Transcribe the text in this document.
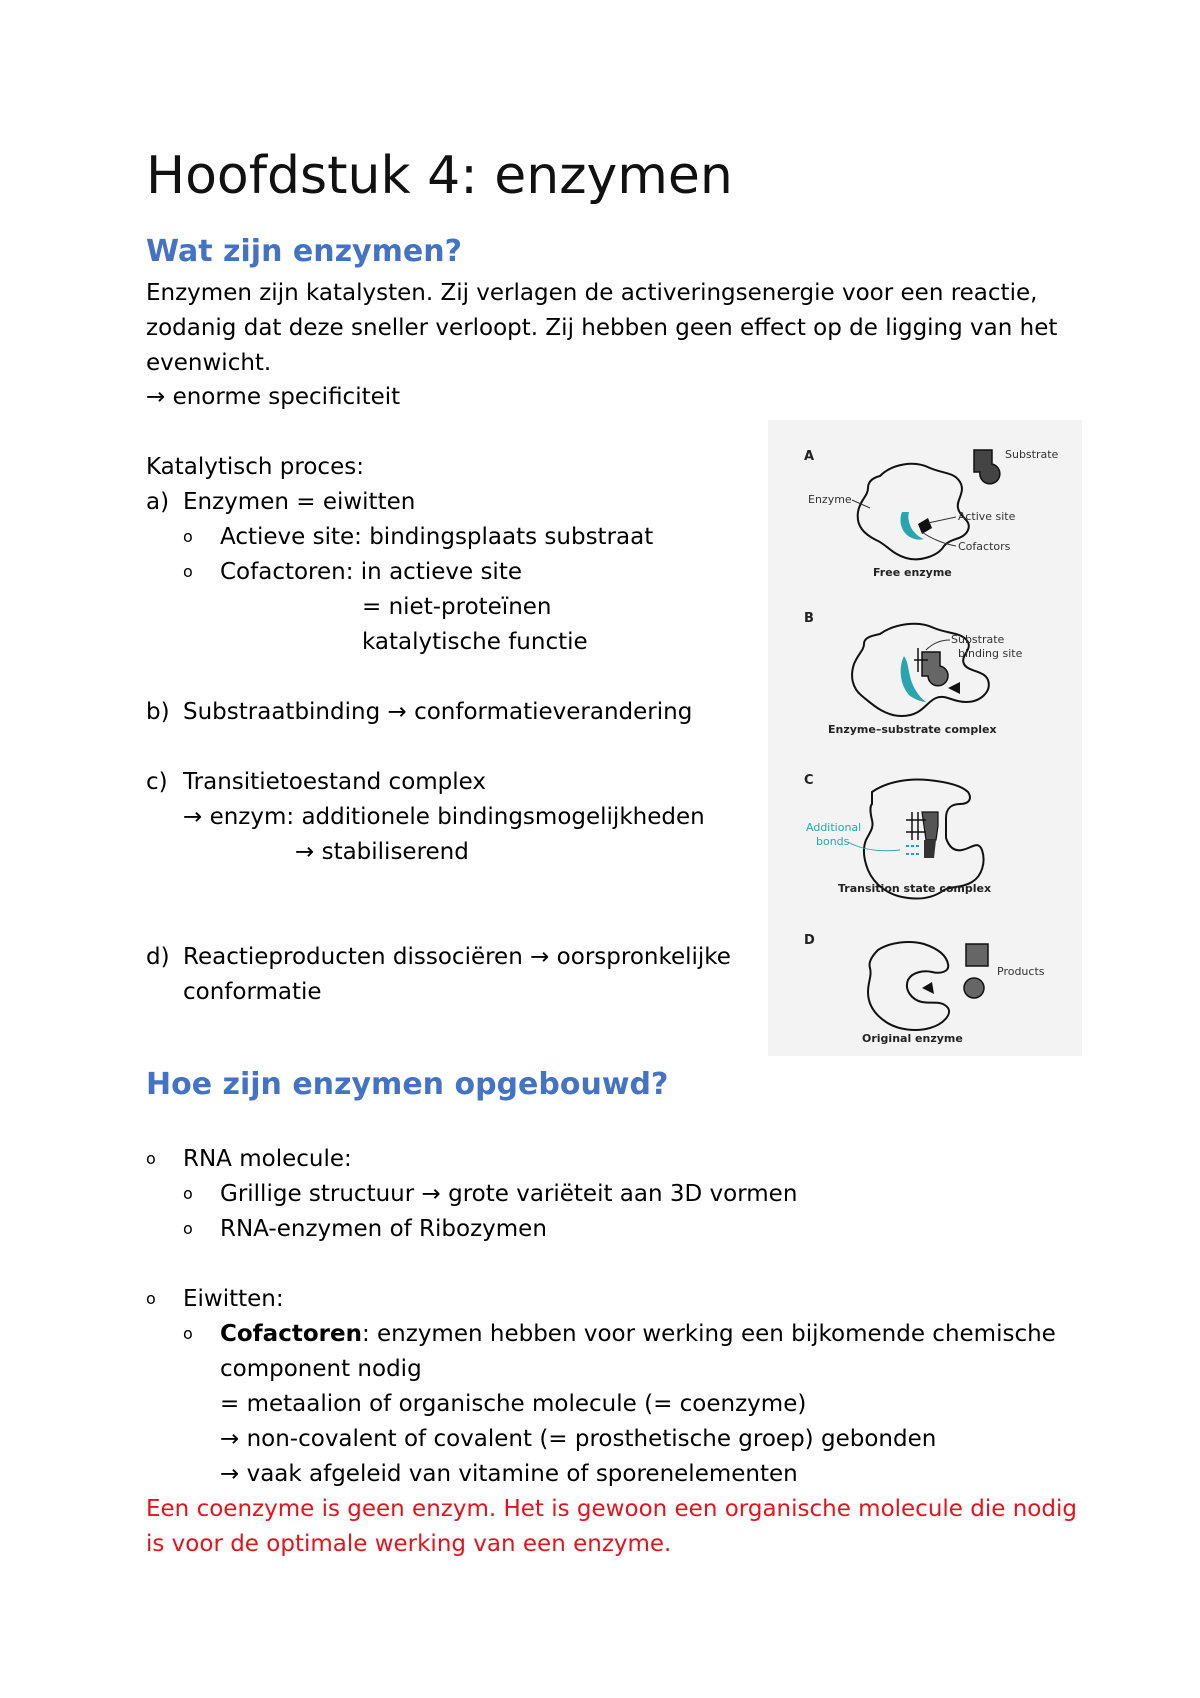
Hoofdstuk 4: enzymen
Wat zijn enzymen?
Enzymen zijn katalysten. Zij verlagen de activeringsenergie voor een reactie,
zodanig dat deze sneller verloopt. Zij hebben geen effect op de ligging van het
evenwicht.
→ enorme specificiteit
Katalytisch proces:
a) Enzymen = eiwitten
o Actieve site: bindingsplaats substraat
o Cofactoren: in actieve site
= niet-proteïnen
katalytische functie
b) Substraatbinding → conformatieverandering
c) Transitietoestand complex
→ enzym: additionele bindingsmogelijkheden
→ stabiliserend
d) Reactieproducten dissociëren → oorspronkelijke
conformatie
A	Substrate
Enzyme
Active site
Cofactors
Free enzyme
B
Substrate
binding site
Enzyme–substrate complex
C
Additional
bonds
Transition state complex
D
Products
Original enzyme
Hoe zijn enzymen opgebouwd?
o RNA molecule:
o Grillige structuur → grote variëteit aan 3D vormen
o RNA-enzymen of Ribozymen
o Eiwitten:
o Cofactoren: enzymen hebben voor werking een bijkomende chemische
component nodig
= metaalion of organische molecule (= coenzyme)
→ non-covalent of covalent (= prosthetische groep) gebonden
→ vaak afgeleid van vitamine of sporenelementen
Een coenzyme is geen enzym. Het is gewoon een organische molecule die nodig
is voor de optimale werking van een enzyme.
